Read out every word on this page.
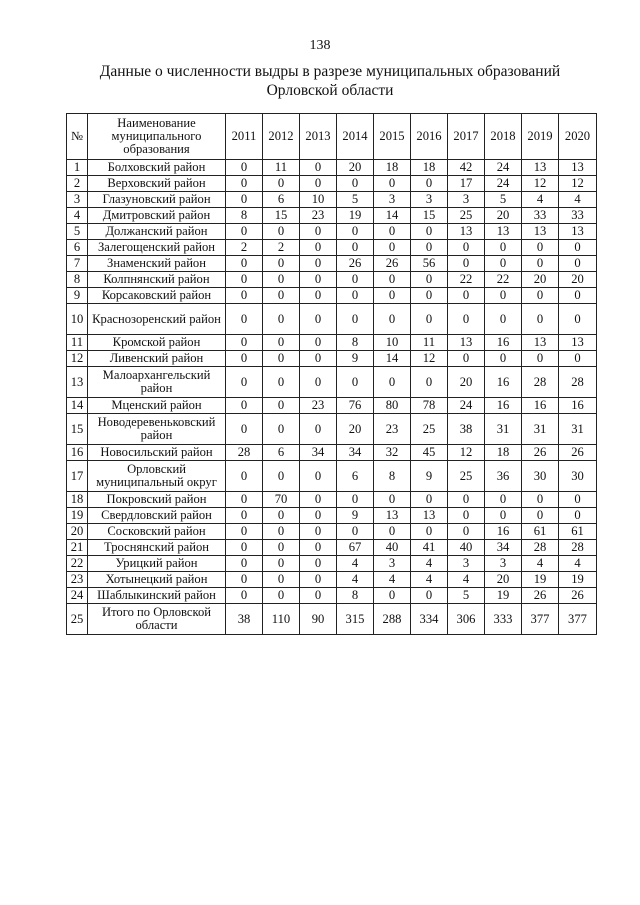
138
Данные о численности выдры в разрезе муниципальных образований
Орловской области
№	Наименование муниципального образования	2011	2012	2013	2014	2015	2016	2017	2018	2019	2020
1	Болховский район	0	11	0	20	18	18	42	24	13	13
2	Верховский район	0	0	0	0	0	0	17	24	12	12
3	Глазуновский район	0	6	10	5	3	3	3	5	4	4
4	Дмитровский район	8	15	23	19	14	15	25	20	33	33
5	Должанский район	0	0	0	0	0	0	13	13	13	13
6	Залегощенский район	2	2	0	0	0	0	0	0	0	0
7	Знаменский район	0	0	0	26	26	56	0	0	0	0
8	Колпнянский район	0	0	0	0	0	0	22	22	20	20
9	Корсаковский район	0	0	0	0	0	0	0	0	0	0
10	Краснозоренский район	0	0	0	0	0	0	0	0	0	0
11	Кромской район	0	0	0	8	10	11	13	16	13	13
12	Ливенский район	0	0	0	9	14	12	0	0	0	0
13	Малоархангельский район	0	0	0	0	0	0	20	16	28	28
14	Мценский район	0	0	23	76	80	78	24	16	16	16
15	Новодеревеньковский район	0	0	0	20	23	25	38	31	31	31
16	Новосильский район	28	6	34	34	32	45	12	18	26	26
17	Орловский муниципальный округ	0	0	0	6	8	9	25	36	30	30
18	Покровский район	0	70	0	0	0	0	0	0	0	0
19	Свердловский район	0	0	0	9	13	13	0	0	0	0
20	Сосковский район	0	0	0	0	0	0	0	16	61	61
21	Троснянский район	0	0	0	67	40	41	40	34	28	28
22	Урицкий район	0	0	0	4	3	4	3	3	4	4
23	Хотынецкий район	0	0	0	4	4	4	4	20	19	19
24	Шаблыкинский район	0	0	0	8	0	0	5	19	26	26
25	Итого по Орловской области	38	110	90	315	288	334	306	333	377	377
